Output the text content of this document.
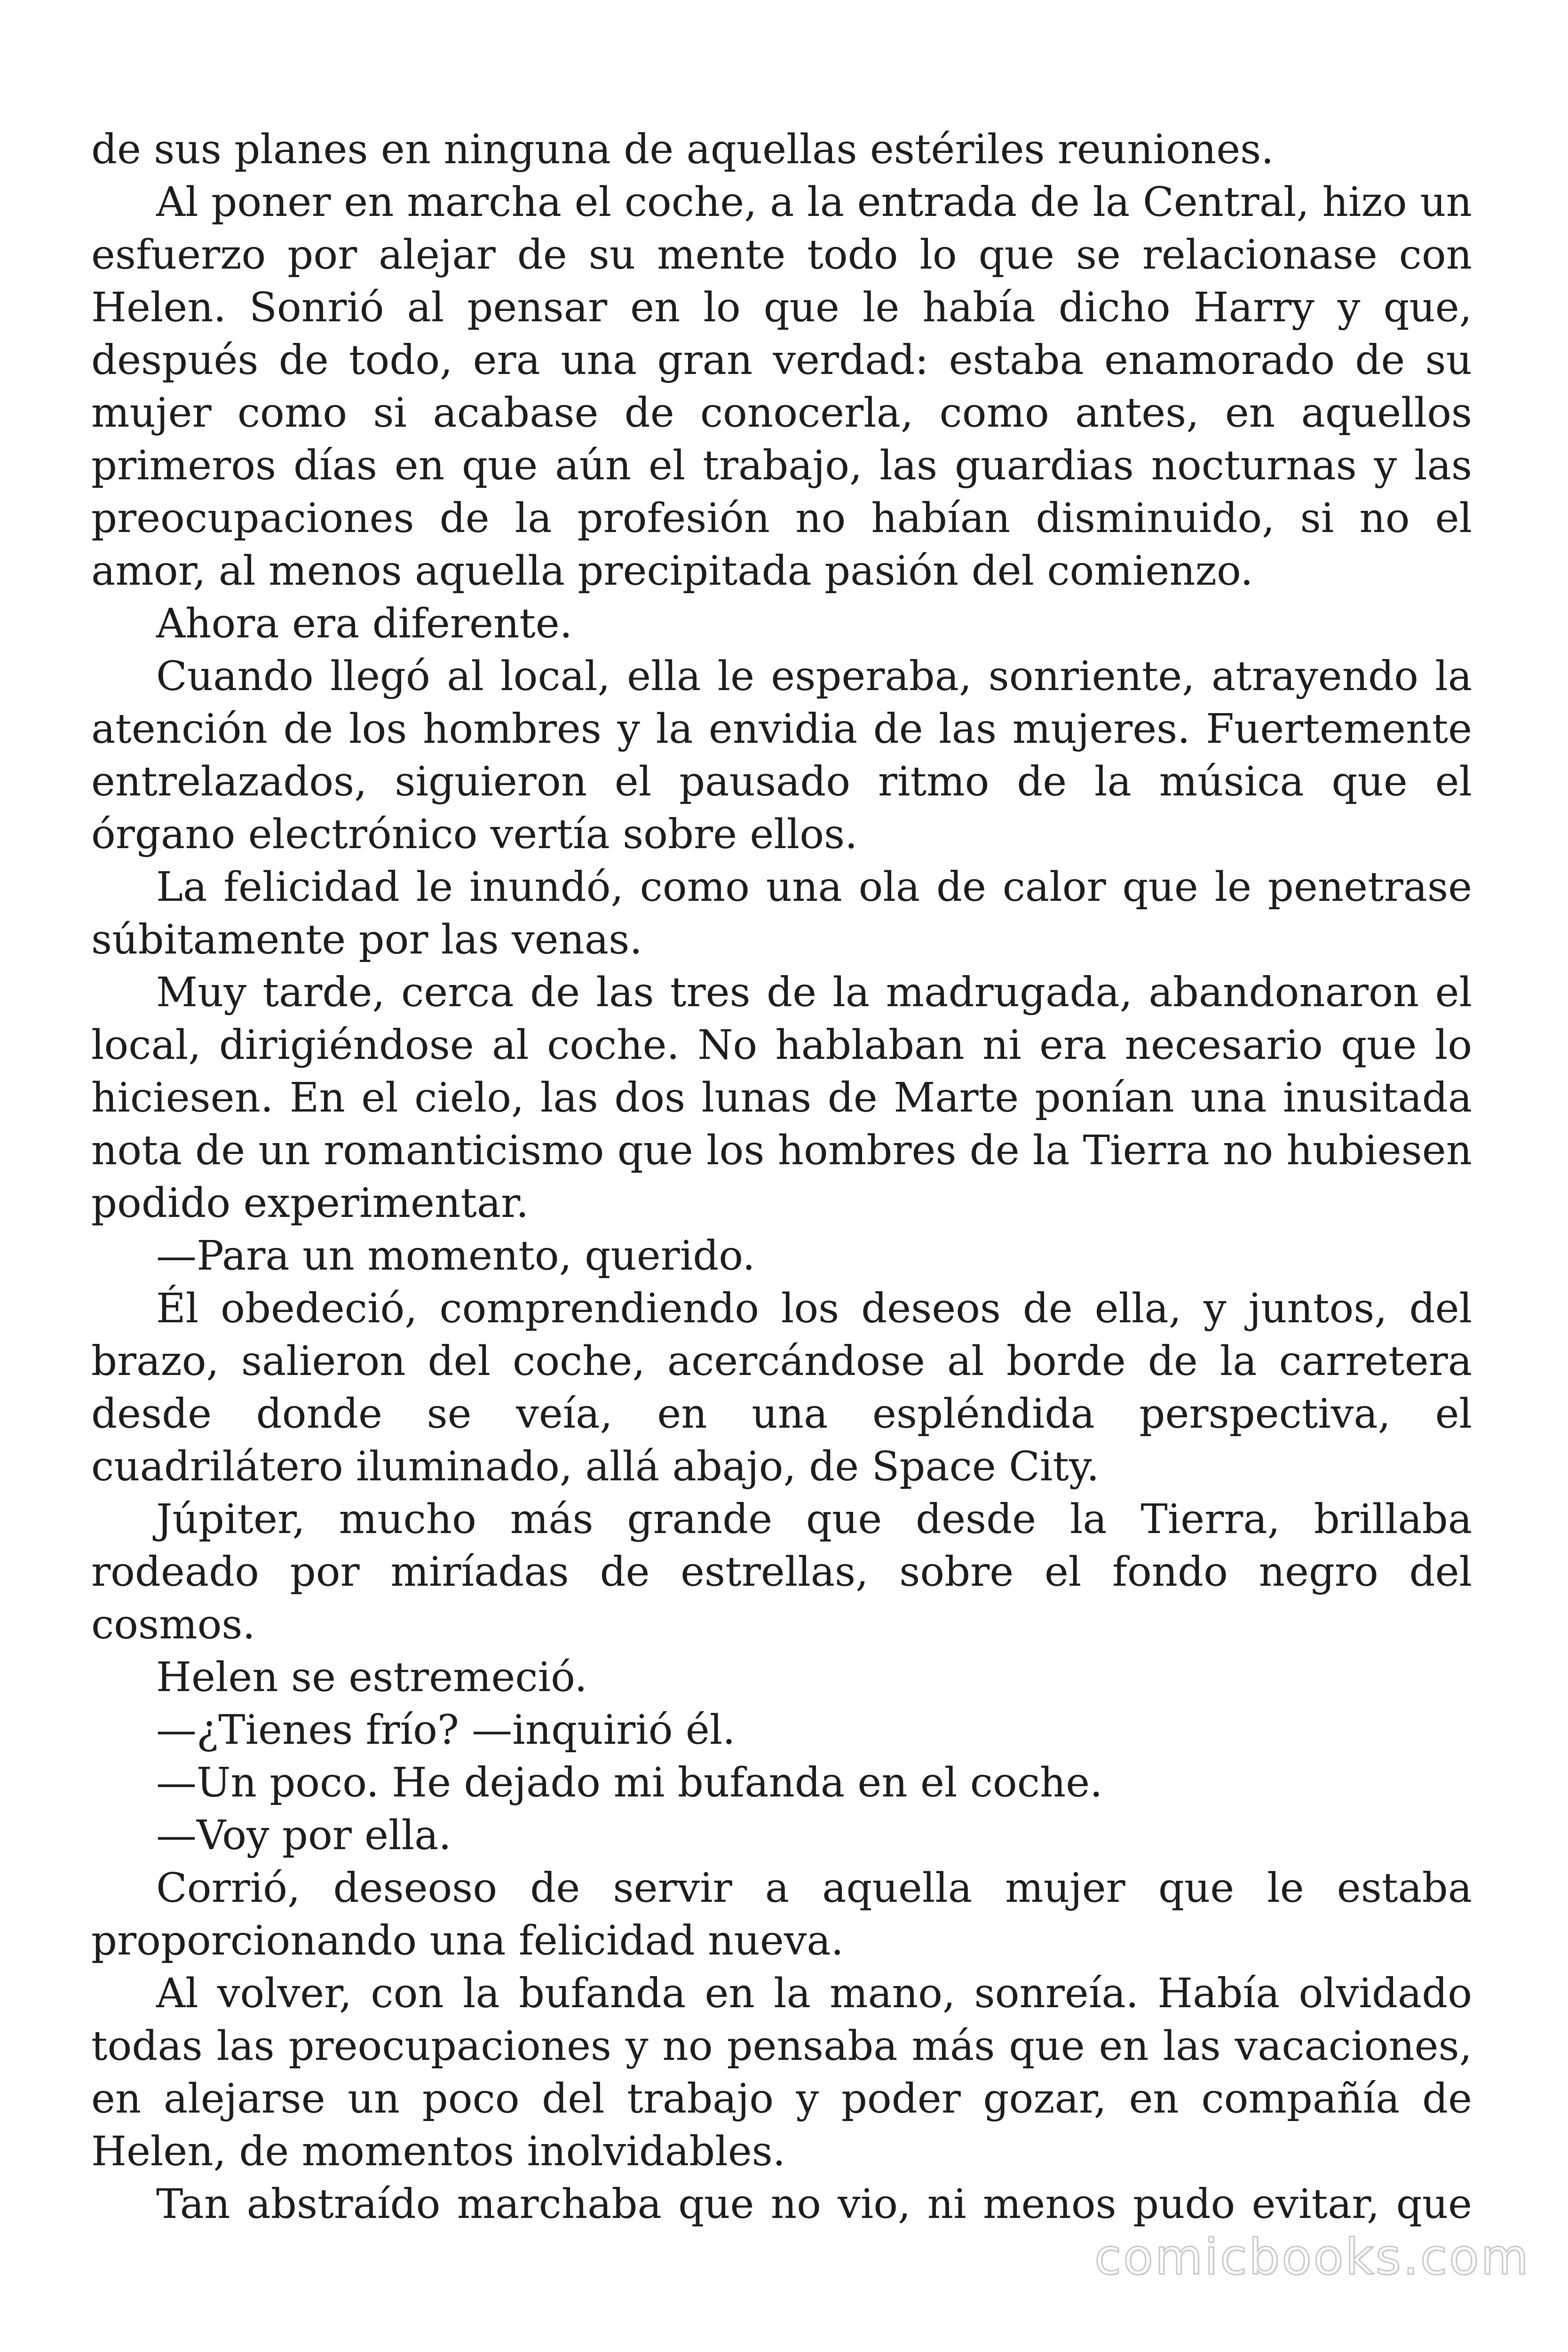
de sus planes en ninguna de aquellas estériles reuniones.

Al poner en marcha el coche, a la entrada de la Central, hizo un esfuerzo por alejar de su mente todo lo que se relacionase con Helen. Sonrió al pensar en lo que le había dicho Harry y que, después de todo, era una gran verdad: estaba enamorado de su mujer como si acabase de conocerla, como antes, en aquellos primeros días en que aún el trabajo, las guardias nocturnas y las preocupaciones de la profesión no habían disminuido, si no el amor, al menos aquella precipitada pasión del comienzo.

Ahora era diferente.

Cuando llegó al local, ella le esperaba, sonriente, atrayendo la atención de los hombres y la envidia de las mujeres. Fuertemente entrelazados, siguieron el pausado ritmo de la música que el órgano electrónico vertía sobre ellos.

La felicidad le inundó, como una ola de calor que le penetrase súbitamente por las venas.

Muy tarde, cerca de las tres de la madrugada, abandonaron el local, dirigiéndose al coche. No hablaban ni era necesario que lo hiciesen. En el cielo, las dos lunas de Marte ponían una inusitada nota de un romanticismo que los hombres de la Tierra no hubiesen podido experimentar.

—Para un momento, querido.

Él obedeció, comprendiendo los deseos de ella, y juntos, del brazo, salieron del coche, acercándose al borde de la carretera desde donde se veía, en una espléndida perspectiva, el cuadrilátero iluminado, allá abajo, de Space City.

Júpiter, mucho más grande que desde la Tierra, brillaba rodeado por miríadas de estrellas, sobre el fondo negro del cosmos.

Helen se estremeció.

—¿Tienes frío? —inquirió él.

—Un poco. He dejado mi bufanda en el coche.

—Voy por ella.

Corrió, deseoso de servir a aquella mujer que le estaba proporcionando una felicidad nueva.

Al volver, con la bufanda en la mano, sonreía. Había olvidado todas las preocupaciones y no pensaba más que en las vacaciones, en alejarse un poco del trabajo y poder gozar, en compañía de Helen, de momentos inolvidables.

Tan abstraído marchaba que no vio, ni menos pudo evitar, que

comicbooks.com
